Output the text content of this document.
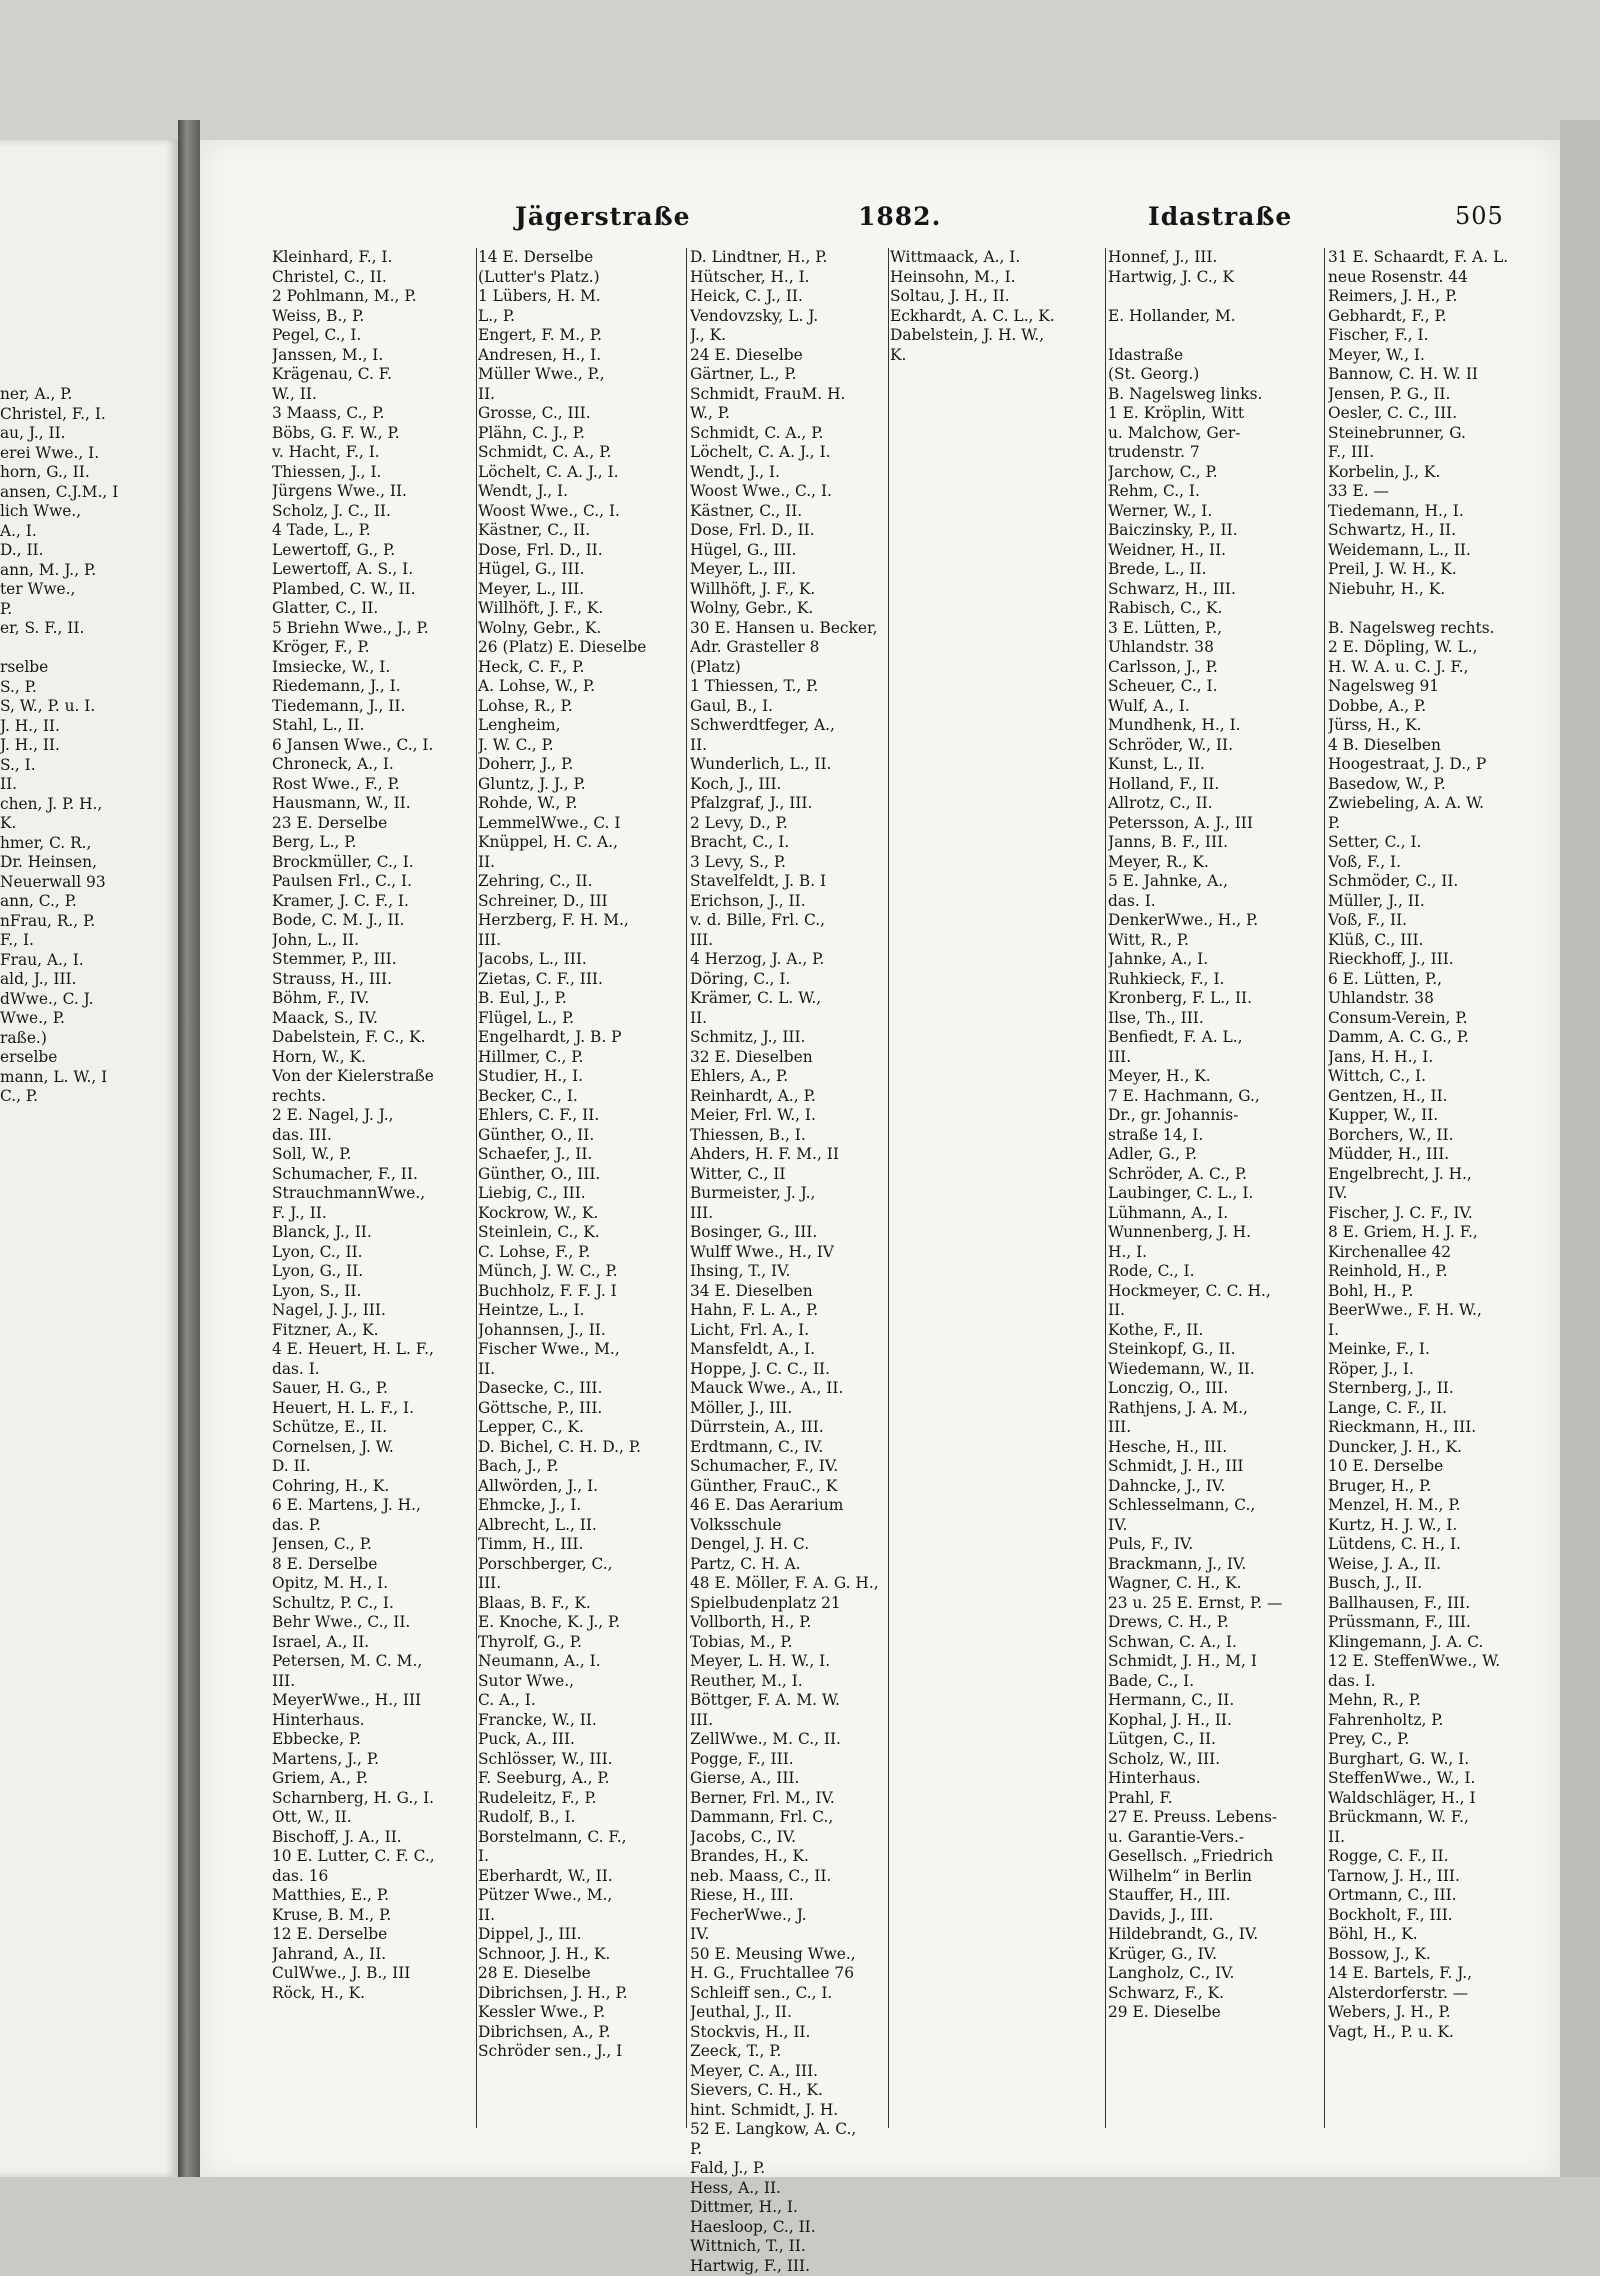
ner, A., P.
Christel, F., I.
au, J., II.
erei Wwe., I.
horn, G., II.
ansen, C.J.M., I
lich Wwe.,
A., I.
D., II.
ann, M. J., P.
ter Wwe.,
P.
er, S. F., II.
rselbe
S., P.
S, W., P. u. I.
J. H., II.
J. H., II.
S., I.
II.
chen, J. P. H.,
K.
hmer, C. R.,
Dr. Heinsen,
Neuerwall 93
ann, C., P.
nFrau, R., P.
F., I.
Frau, A., I.
ald, J., III.
dWwe., C. J.
Wwe., P.
raße.)
erselbe
mann, L. W., I
C., P.
Jägerstraße	1882.	Idastraße	505
Kleinhard, F., I.
Christel, C., II.
2 Pohlmann, M., P.
Weiss, B., P.
Pegel, C., I.
Janssen, M., I.
Krägenau, C. F.
W., II.
3 Maass, C., P.
Böbs, G. F. W., P.
v. Hacht, F., I.
Thiessen, J., I.
Jürgens Wwe., II.
Scholz, J. C., II.
4 Tade, L., P.
Lewertoff, G., P.
Lewertoff, A. S., I.
Plambed, C. W., II.
Glatter, C., II.
5 Briehn Wwe., J., P.
Kröger, F., P.
Imsiecke, W., I.
Riedemann, J., I.
Tiedemann, J., II.
Stahl, L., II.
6 Jansen Wwe., C., I.
Chroneck, A., I.
Rost Wwe., F., P.
Hausmann, W., II.
23 E. Derselbe
Berg, L., P.
Brockmüller, C., I.
Paulsen Frl., C., I.
Kramer, J. C. F., I.
Bode, C. M. J., II.
John, L., II.
Stemmer, P., III.
Strauss, H., III.
Böhm, F., IV.
Maack, S., IV.
Dabelstein, F. C., K.
Horn, W., K.
Von der Kielerstraße
rechts.
2 E. Nagel, J. J.,
das. III.
Soll, W., P.
Schumacher, F., II.
StrauchmannWwe.,
F. J., II.
Blanck, J., II.
Lyon, C., II.
Lyon, G., II.
Lyon, S., II.
Nagel, J. J., III.
Fitzner, A., K.
4 E. Heuert, H. L. F.,
das. I.
Sauer, H. G., P.
Heuert, H. L. F., I.
Schütze, E., II.
Cornelsen, J. W.
D. II.
Cohring, H., K.
6 E. Martens, J. H.,
das. P.
Jensen, C., P.
8 E. Derselbe
Opitz, M. H., I.
Schultz, P. C., I.
Behr Wwe., C., II.
Israel, A., II.
Petersen, M. C. M.,
III.
MeyerWwe., H., III
Hinterhaus.
Ebbecke, P.
Martens, J., P.
Griem, A., P.
Scharnberg, H. G., I.
Ott, W., II.
Bischoff, J. A., II.
10 E. Lutter, C. F. C.,
das. 16
Matthies, E., P.
Kruse, B. M., P.
12 E. Derselbe
Jahrand, A., II.
CulWwe., J. B., III
Röck, H., K.
14 E. Derselbe
(Lutter's Platz.)
1 Lübers, H. M.
L., P.
Engert, F. M., P.
Andresen, H., I.
Müller Wwe., P.,
II.
Grosse, C., III.
Plähn, C. J., P.
Schmidt, C. A., P.
Löchelt, C. A. J., I.
Wendt, J., I.
Woost Wwe., C., I.
Kästner, C., II.
Dose, Frl. D., II.
Hügel, G., III.
Meyer, L., III.
Willhöft, J. F., K.
Wolny, Gebr., K.
26 (Platz) E. Dieselbe
Heck, C. F., P.
A. Lohse, W., P.
Lohse, R., P.
Lengheim,
J. W. C., P.
Doherr, J., P.
Gluntz, J. J., P.
Rohde, W., P.
LemmelWwe., C. I
Knüppel, H. C. A.,
II.
Zehring, C., II.
Schreiner, D., III
Herzberg, F. H. M.,
III.
Jacobs, L., III.
Zietas, C. F., III.
B. Eul, J., P.
Flügel, L., P.
Engelhardt, J. B. P
Hillmer, C., P.
Studier, H., I.
Becker, C., I.
Ehlers, C. F., II.
Günther, O., II.
Schaefer, J., II.
Günther, O., III.
Liebig, C., III.
Kockrow, W., K.
Steinlein, C., K.
C. Lohse, F., P.
Münch, J. W. C., P.
Buchholz, F. F. J. I
Heintze, L., I.
Johannsen, J., II.
Fischer Wwe., M.,
II.
Dasecke, C., III.
Göttsche, P., III.
Lepper, C., K.
D. Bichel, C. H. D., P.
Bach, J., P.
Allwörden, J., I.
Ehmcke, J., I.
Albrecht, L., II.
Timm, H., III.
Porschberger, C.,
III.
Blaas, B. F., K.
E. Knoche, K. J., P.
Thyrolf, G., P.
Neumann, A., I.
Sutor Wwe.,
C. A., I.
Francke, W., II.
Puck, A., III.
Schlösser, W., III.
F. Seeburg, A., P.
Rudeleitz, F., P.
Rudolf, B., I.
Borstelmann, C. F.,
I.
Eberhardt, W., II.
Pützer Wwe., M.,
II.
Dippel, J., III.
Schnoor, J. H., K.
28 E. Dieselbe
Dibrichsen, J. H., P.
Kessler Wwe., P.
Dibrichsen, A., P.
Schröder sen., J., I
D. Lindtner, H., P.
Hütscher, H., I.
Heick, C. J., II.
Vendovzsky, L. J.
J., K.
24 E. Dieselbe
Gärtner, L., P.
Schmidt, FrauM. H.
W., P.
Schmidt, C. A., P.
Löchelt, C. A. J., I.
Wendt, J., I.
Woost Wwe., C., I.
Kästner, C., II.
Dose, Frl. D., II.
Hügel, G., III.
Meyer, L., III.
Willhöft, J. F., K.
Wolny, Gebr., K.
30 E. Hansen u. Becker,
Adr. Grasteller 8
(Platz)
1 Thiessen, T., P.
Gaul, B., I.
Schwerdtfeger, A.,
II.
Wunderlich, L., II.
Koch, J., III.
Pfalzgraf, J., III.
2 Levy, D., P.
Bracht, C., I.
3 Levy, S., P.
Stavelfeldt, J. B. I
Erichson, J., II.
v. d. Bille, Frl. C.,
III.
4 Herzog, J. A., P.
Döring, C., I.
Krämer, C. L. W.,
II.
Schmitz, J., III.
32 E. Dieselben
Ehlers, A., P.
Reinhardt, A., P.
Meier, Frl. W., I.
Thiessen, B., I.
Ahders, H. F. M., II
Witter, C., II
Burmeister, J. J.,
III.
Bosinger, G., III.
Wulff Wwe., H., IV
Ihsing, T., IV.
34 E. Dieselben
Hahn, F. L. A., P.
Licht, Frl. A., I.
Mansfeldt, A., I.
Hoppe, J. C. C., II.
Mauck Wwe., A., II.
Möller, J., III.
Dürrstein, A., III.
Erdtmann, C., IV.
Schumacher, F., IV.
Günther, FrauC., K
46 E. Das Aerarium
Volksschule
Dengel, J. H. C.
Partz, C. H. A.
48 E. Möller, F. A. G. H.,
Spielbudenplatz 21
Vollborth, H., P.
Tobias, M., P.
Meyer, L. H. W., I.
Reuther, M., I.
Böttger, F. A. M. W.
III.
ZellWwe., M. C., II.
Pogge, F., III.
Gierse, A., III.
Berner, Frl. M., IV.
Dammann, Frl. C.,
Jacobs, C., IV.
Brandes, H., K.
neb. Maass, C., II.
Riese, H., III.
FecherWwe., J.
IV.
50 E. Meusing Wwe.,
H. G., Fruchtallee 76
Schleiff sen., C., I.
Jeuthal, J., II.
Stockvis, H., II.
Zeeck, T., P.
Meyer, C. A., III.
Sievers, C. H., K.
hint. Schmidt, J. H.
52 E. Langkow, A. C.,
P.
Fald, J., P.
Hess, A., II.
Dittmer, H., I.
Haesloop, C., II.
Wittnich, T., II.
Hartwig, F., III.
Wittmaack, A., I.
Heinsohn, M., I.
Soltau, J. H., II.
Eckhardt, A. C. L., K.
Dabelstein, J. H. W.,
K.
Honnef, J., III.
Hartwig, J. C., K
E. Hollander, M.
Idastraße
(St. Georg.)
B. Nagelsweg links.
1 E. Kröplin, Witt
u. Malchow, Ger-
trudenstr. 7
Jarchow, C., P.
Rehm, C., I.
Werner, W., I.
Baiczinsky, P., II.
Weidner, H., II.
Brede, L., II.
Schwarz, H., III.
Rabisch, C., K.
3 E. Lütten, P.,
Uhlandstr. 38
Carlsson, J., P.
Scheuer, C., I.
Wulf, A., I.
Mundhenk, H., I.
Schröder, W., II.
Kunst, L., II.
Holland, F., II.
Allrotz, C., II.
Petersson, A. J., III
Janns, B. F., III.
Meyer, R., K.
5 E. Jahnke, A.,
das. I.
DenkerWwe., H., P.
Witt, R., P.
Jahnke, A., I.
Ruhkieck, F., I.
Kronberg, F. L., II.
Ilse, Th., III.
Benfiedt, F. A. L.,
III.
Meyer, H., K.
7 E. Hachmann, G.,
Dr., gr. Johannis-
straße 14, I.
Adler, G., P.
Schröder, A. C., P.
Laubinger, C. L., I.
Lühmann, A., I.
Wunnenberg, J. H.
H., I.
Rode, C., I.
Hockmeyer, C. C. H.,
II.
Kothe, F., II.
Steinkopf, G., II.
Wiedemann, W., II.
Lonczig, O., III.
Rathjens, J. A. M.,
III.
Hesche, H., III.
Schmidt, J. H., III
Dahncke, J., IV.
Schlesselmann, C.,
IV.
Puls, F., IV.
Brackmann, J., IV.
Wagner, C. H., K.
23 u. 25 E. Ernst, P. —
Drews, C. H., P.
Schwan, C. A., I.
Schmidt, J. H., M, I
Bade, C., I.
Hermann, C., II.
Kophal, J. H., II.
Lütgen, C., II.
Scholz, W., III.
Hinterhaus.
Prahl, F.
27 E. Preuss. Lebens-
u. Garantie-Vers.-
Gesellsch. „Friedrich
Wilhelm“ in Berlin
Stauffer, H., III.
Davids, J., III.
Hildebrandt, G., IV.
Krüger, G., IV.
Langholz, C., IV.
Schwarz, F., K.
29 E. Dieselbe
31 E. Schaardt, F. A. L.
neue Rosenstr. 44
Reimers, J. H., P.
Gebhardt, F., P.
Fischer, F., I.
Meyer, W., I.
Bannow, C. H. W. II
Jensen, P. G., II.
Oesler, C. C., III.
Steinebrunner, G.
F., III.
Korbelin, J., K.
33 E. —
Tiedemann, H., I.
Schwartz, H., II.
Weidemann, L., II.
Preil, J. W. H., K.
Niebuhr, H., K.
B. Nagelsweg rechts.
2 E. Döpling, W. L.,
H. W. A. u. C. J. F.,
Nagelsweg 91
Dobbe, A., P.
Jürss, H., K.
4 B. Dieselben
Hoogestraat, J. D., P
Basedow, W., P.
Zwiebeling, A. A. W.
P.
Setter, C., I.
Voß, F., I.
Schmöder, C., II.
Müller, J., II.
Voß, F., II.
Klüß, C., III.
Rieckhoff, J., III.
6 E. Lütten, P.,
Uhlandstr. 38
Consum-Verein, P.
Damm, A. C. G., P.
Jans, H. H., I.
Wittch, C., I.
Gentzen, H., II.
Kupper, W., II.
Borchers, W., II.
Müdder, H., III.
Engelbrecht, J. H.,
IV.
Fischer, J. C. F., IV.
8 E. Griem, H. J. F.,
Kirchenallee 42
Reinhold, H., P.
Bohl, H., P.
BeerWwe., F. H. W.,
I.
Meinke, F., I.
Röper, J., I.
Sternberg, J., II.
Lange, C. F., II.
Rieckmann, H., III.
Duncker, J. H., K.
10 E. Derselbe
Bruger, H., P.
Menzel, H. M., P.
Kurtz, H. J. W., I.
Lütdens, C. H., I.
Weise, J. A., II.
Busch, J., II.
Ballhausen, F., III.
Prüssmann, F., III.
Klingemann, J. A. C.
12 E. SteffenWwe., W.
das. I.
Mehn, R., P.
Fahrenholtz, P.
Prey, C., P.
Burghart, G. W., I.
SteffenWwe., W., I.
Waldschläger, H., I
Brückmann, W. F.,
II.
Rogge, C. F., II.
Tarnow, J. H., III.
Ortmann, C., III.
Bockholt, F., III.
Böhl, H., K.
Bossow, J., K.
14 E. Bartels, F. J.,
Alsterdorferstr. —
Webers, J. H., P.
Vagt, H., P. u. K.
